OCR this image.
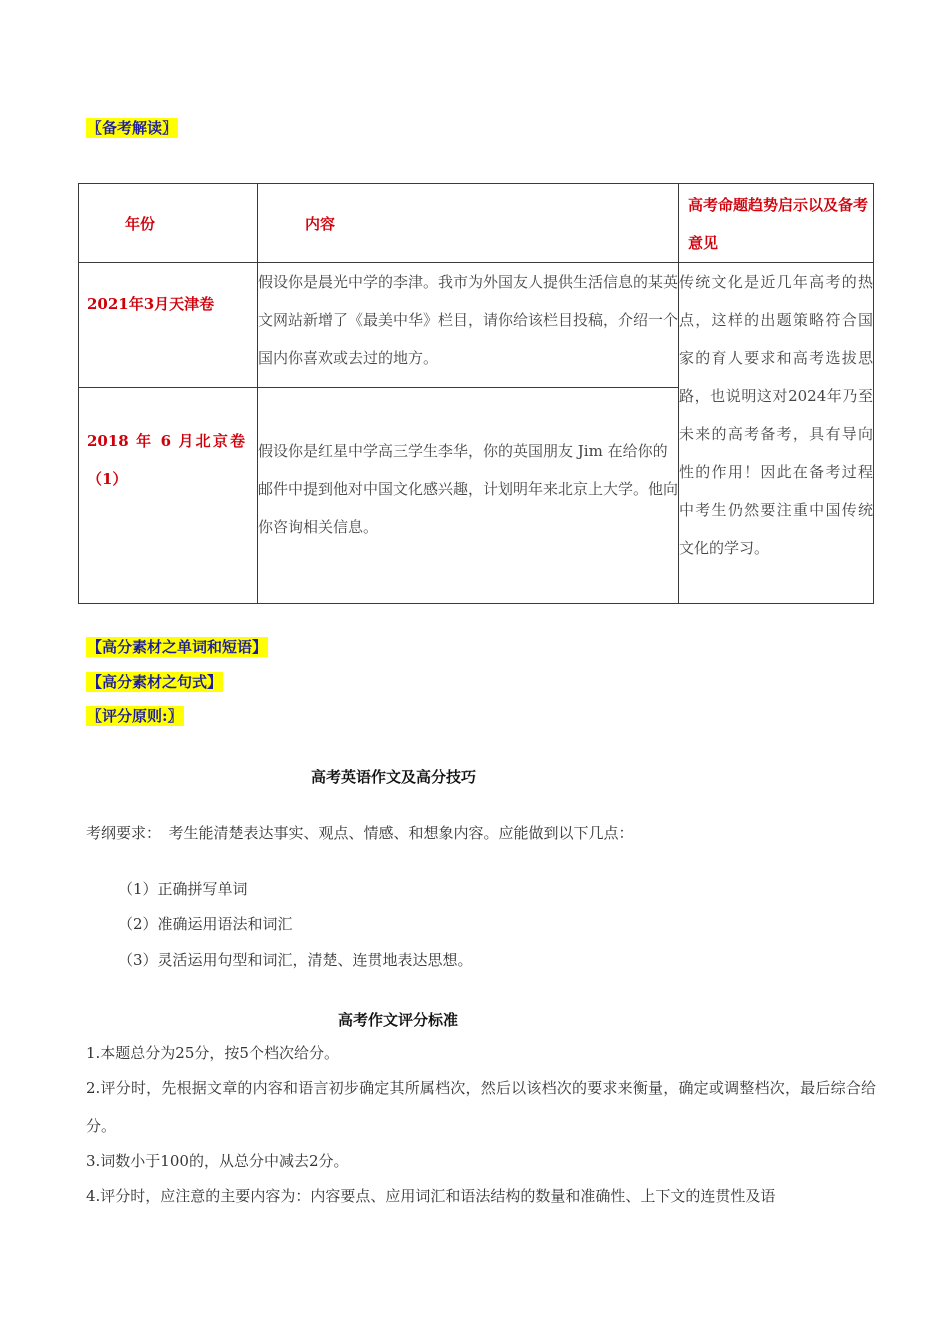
〖备考解读〗
年份	内容	高考命题趋势启示以及备考意见
2021年3月天津卷	假设你是晨光中学的李津。我市为外国友人提供生活信息的某英文网站新增了《最美中华》栏目，请你给该栏目投稿，介绍一个国内你喜欢或去过的地方。	传统文化是近几年高考的热点，这样的出题策略符合国家的育人要求和高考选拔思路，也说明这对2024年乃至未来的高考备考，具有导向性的作用！因此在备考过程中考生仍然要注重中国传统文化的学习。
2018 年 6 月北京卷（1）	假设你是红星中学高三学生李华，你的英国朋友 Jim 在给你的邮件中提到他对中国文化感兴趣，计划明年来北京上大学。他向你咨询相关信息。	
【高分素材之单词和短语】
【高分素材之句式】
〖评分原则:〗
高考英语作文及高分技巧
考纲要求：　考生能清楚表达事实、观点、情感、和想象内容。应能做到以下几点：
（1）正确拼写单词
（2）准确运用语法和词汇
（3）灵活运用句型和词汇，清楚、连贯地表达思想。
高考作文评分标准
1.本题总分为25分，按5个档次给分。
2.评分时，先根据文章的内容和语言初步确定其所属档次，然后以该档次的要求来衡量，确定或调整档次，最后综合给分。
3.词数小于100的，从总分中减去2分。
4.评分时，应注意的主要内容为：内容要点、应用词汇和语法结构的数量和准确性、上下文的连贯性及语
